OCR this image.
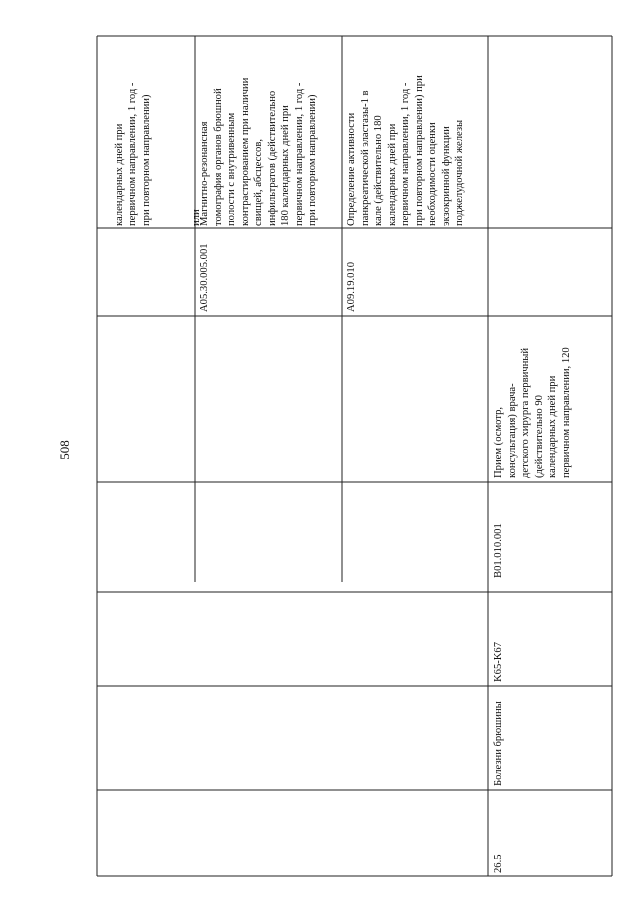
508

календарных дней при
первичном направлении, 1 год -
при повторном направлении)

или

A05.30.005.001
Магнитно-резонансная
томография органов брюшной
полости с внутривенным
контрастированием при наличии
свищей, абсцессов,
инфильтратов (действительно
180 календарных дней при
первичном направлении, 1 год -
при повторном направлении)
A09.19.010
Определение активности
панкреатической эластазы-1 в
кале (действительно 180
календарных дней при
первичном направлении, 1 год -
при повторном направлении) при
необходимости оценки
экзокринной функции
поджелудочной железы
26.5
Болезни брюшины
K65-K67
B01.010.001
Прием (осмотр,
консультация) врача-
детского хирурга первичный
(действительно 90
календарных дней при
первичном направлении, 120
